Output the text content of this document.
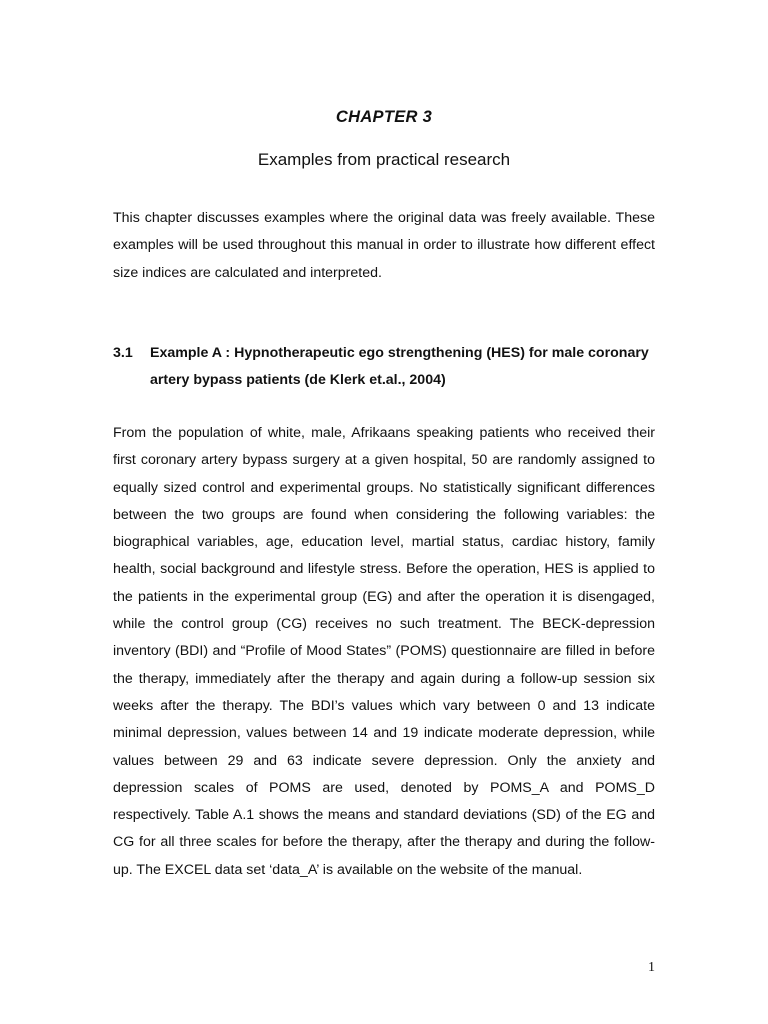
CHAPTER 3
Examples from practical research

This chapter discusses examples where the original data was freely available. These examples will be used throughout this manual in order to illustrate how different effect size indices are calculated and interpreted.

3.1 Example A : Hypnotherapeutic ego strengthening (HES) for male coronary artery bypass patients (de Klerk et.al., 2004)

From the population of white, male, Afrikaans speaking patients who received their first coronary artery bypass surgery at a given hospital, 50 are randomly assigned to equally sized control and experimental groups. No statistically significant differences between the two groups are found when considering the following variables: the biographical variables, age, education level, martial status, cardiac history, family health, social background and lifestyle stress. Before the operation, HES is applied to the patients in the experimental group (EG) and after the operation it is disengaged, while the control group (CG) receives no such treatment. The BECK-depression inventory (BDI) and “Profile of Mood States” (POMS) questionnaire are filled in before the therapy, immediately after the therapy and again during a follow-up session six weeks after the therapy. The BDI’s values which vary between 0 and 13 indicate minimal depression, values between 14 and 19 indicate moderate depression, while values between 29 and 63 indicate severe depression. Only the anxiety and depression scales of POMS are used, denoted by POMS_A and POMS_D respectively. Table A.1 shows the means and standard deviations (SD) of the EG and CG for all three scales for before the therapy, after the therapy and during the follow-up. The EXCEL data set ‘data_A’ is available on the website of the manual.

1
